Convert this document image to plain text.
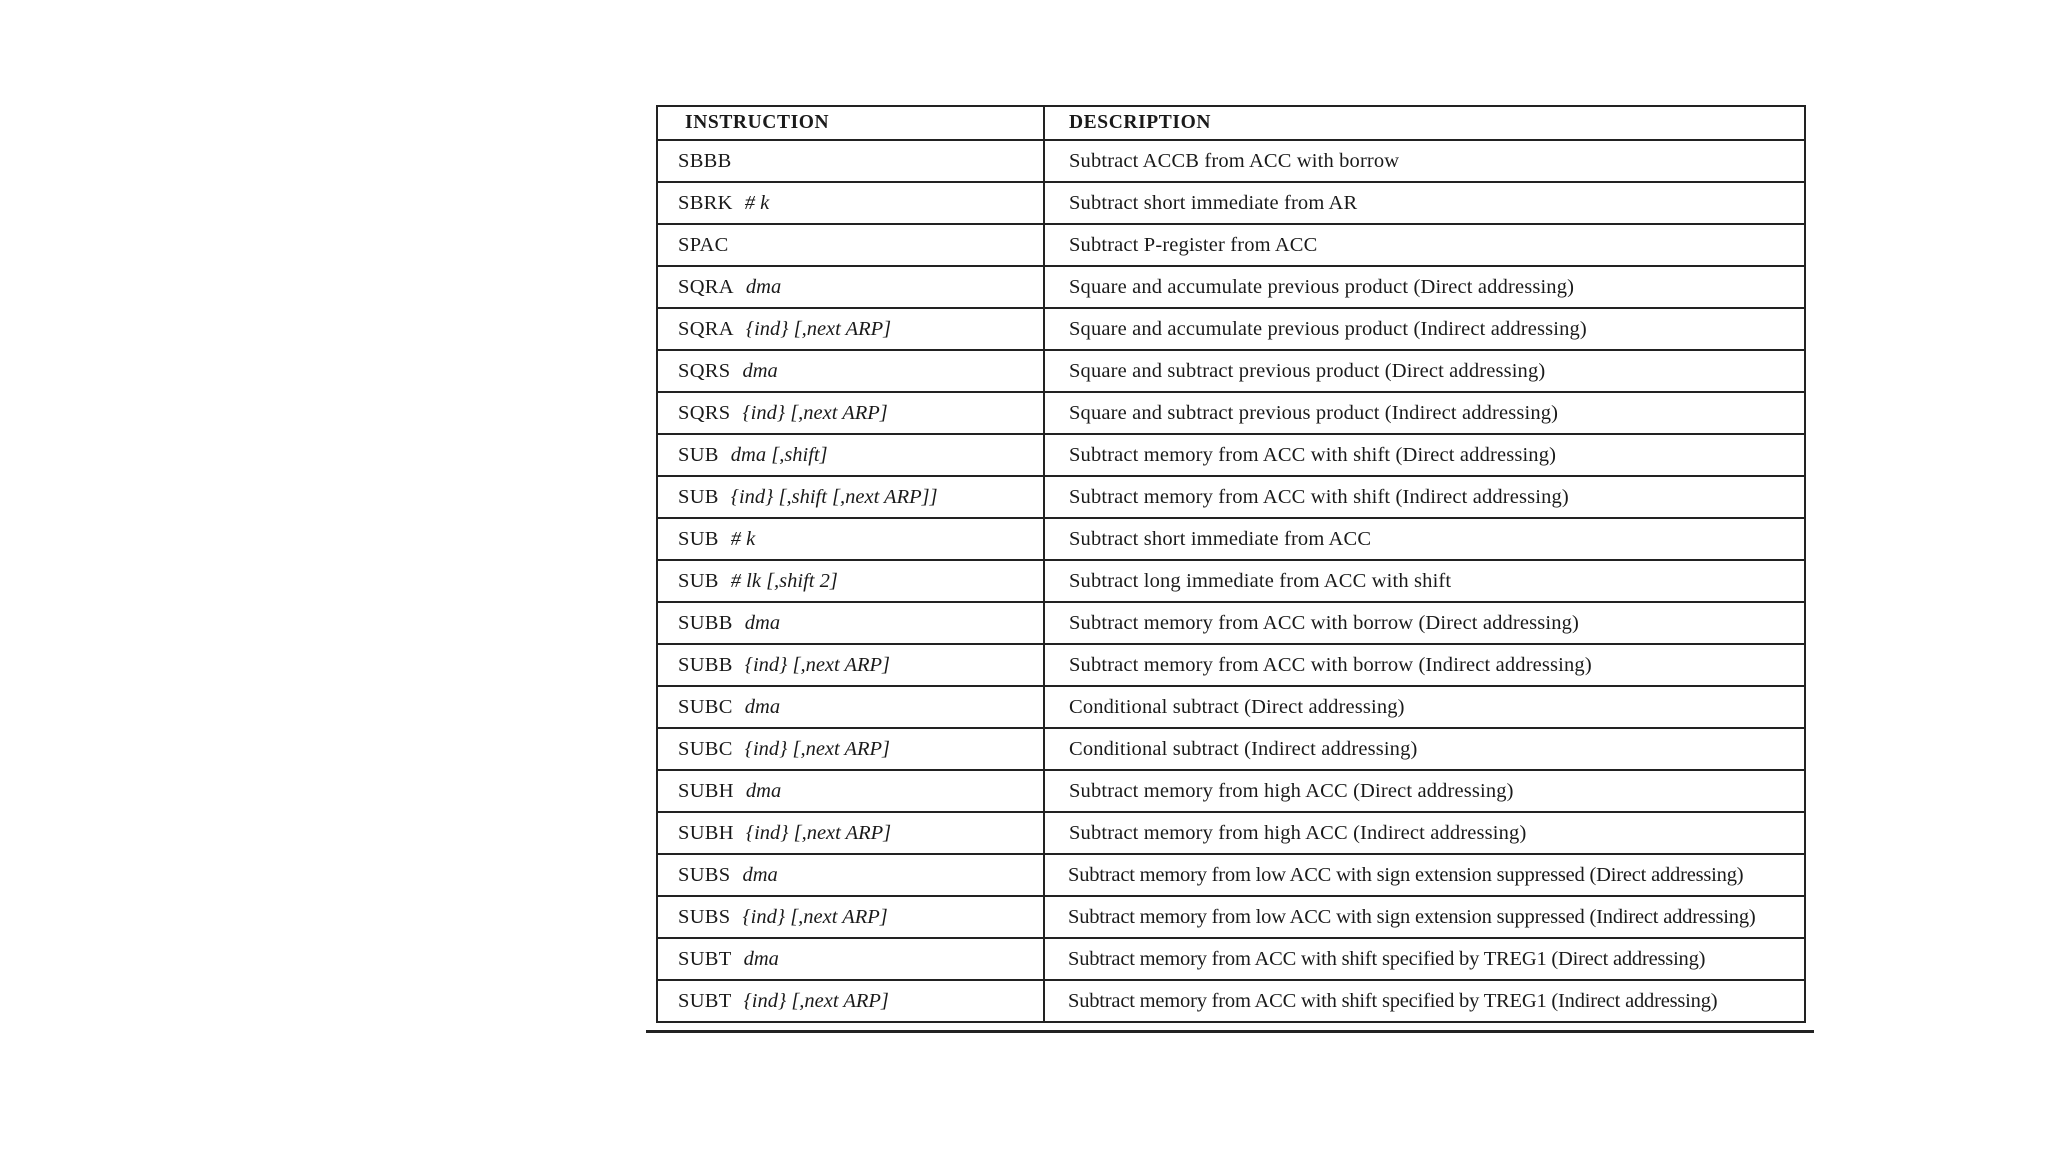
INSTRUCTION	DESCRIPTION
SBBB	Subtract ACCB from ACC with borrow
SBRK # k	Subtract short immediate from AR
SPAC	Subtract P-register from ACC
SQRA dma	Square and accumulate previous product (Direct addressing)
SQRA {ind} [,next ARP]	Square and accumulate previous product (Indirect addressing)
SQRS dma	Square and subtract previous product (Direct addressing)
SQRS {ind} [,next ARP]	Square and subtract previous product (Indirect addressing)
SUB dma [,shift]	Subtract memory from ACC with shift (Direct addressing)
SUB {ind} [,shift [,next ARP]]	Subtract memory from ACC with shift (Indirect addressing)
SUB # k	Subtract short immediate from ACC
SUB # lk [,shift 2]	Subtract long immediate from ACC with shift
SUBB dma	Subtract memory from ACC with borrow (Direct addressing)
SUBB {ind} [,next ARP]	Subtract memory from ACC with borrow (Indirect addressing)
SUBC dma	Conditional subtract (Direct addressing)
SUBC {ind} [,next ARP]	Conditional subtract (Indirect addressing)
SUBH dma	Subtract memory from high ACC (Direct addressing)
SUBH {ind} [,next ARP]	Subtract memory from high ACC (Indirect addressing)
SUBS dma	Subtract memory from low ACC with sign extension suppressed (Direct addressing)
SUBS {ind} [,next ARP]	Subtract memory from low ACC with sign extension suppressed (Indirect addressing)
SUBT dma	Subtract memory from ACC with shift specified by TREG1 (Direct addressing)
SUBT {ind} [,next ARP]	Subtract memory from ACC with shift specified by TREG1 (Indirect addressing)
